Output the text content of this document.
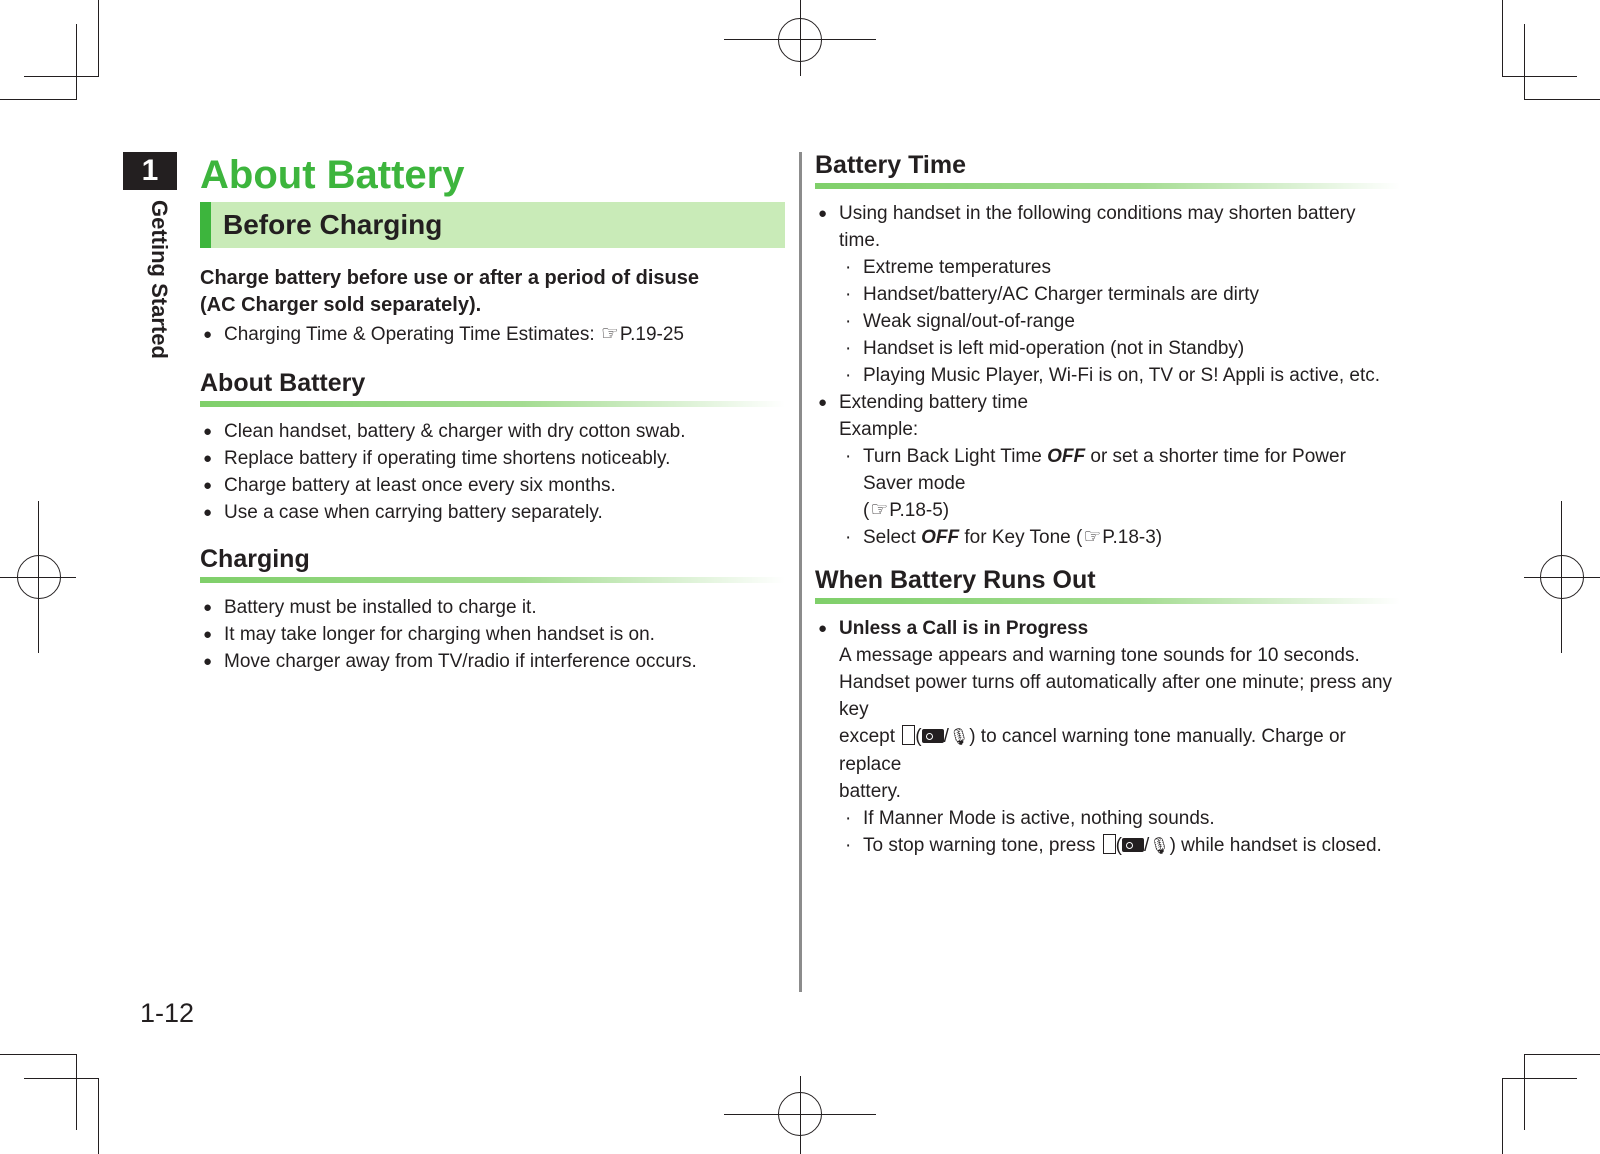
1
Getting Started
1-12
About Battery
Before Charging
Charge battery before use or after a period of disuse
(AC Charger sold separately).
● Charging Time & Operating Time Estimates: ☞P.19-25
About Battery
● Clean handset, battery & charger with dry cotton swab.
● Replace battery if operating time shortens noticeably.
● Charge battery at least once every six months.
● Use a case when carrying battery separately.
Charging
● Battery must be installed to charge it.
● It may take longer for charging when handset is on.
● Move charger away from TV/radio if interference occurs.
Battery Time
● Using handset in the following conditions may shorten battery time.
· Extreme temperatures
· Handset/battery/AC Charger terminals are dirty
· Weak signal/out-of-range
· Handset is left mid-operation (not in Standby)
· Playing Music Player, Wi-Fi is on, TV or S! Appli is active, etc.
● Extending battery time
Example:
· Turn Back Light Time OFF or set a shorter time for Power Saver mode
(☞P.18-5)
· Select OFF for Key Tone (☞P.18-3)
When Battery Runs Out
● Unless a Call is in Progress
A message appears and warning tone sounds for 10 seconds.
Handset power turns off automatically after one minute; press any key
except ( /🎙) to cancel warning tone manually. Charge or replace
battery.
· If Manner Mode is active, nothing sounds.
· To stop warning tone, press ( /🎙) while handset is closed.
